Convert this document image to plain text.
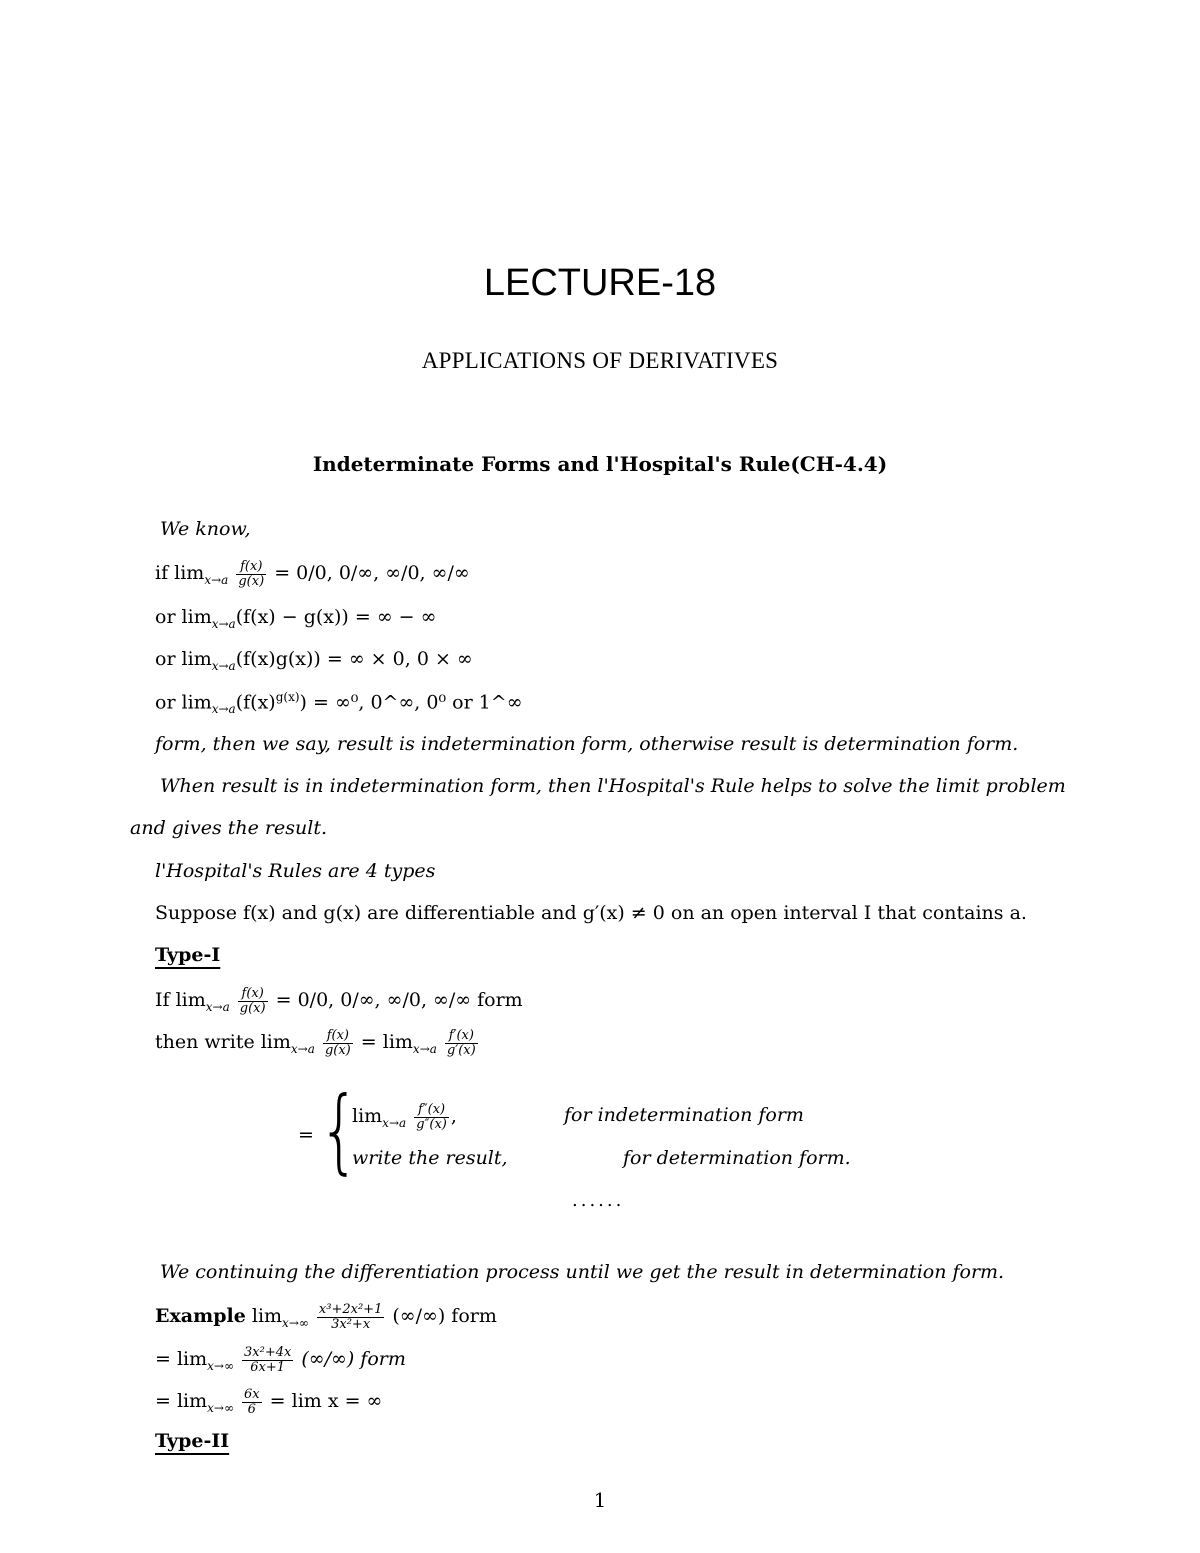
LECTURE-18
APPLICATIONS OF DERIVATIVES
Indeterminate Forms and l'Hospital's Rule(CH-4.4)
We know,
if $\lim_{x\to a} \frac{f(x)}{g(x)} = 0/0$, 0/∞, ∞/0, ∞/∞
or $\lim_{x\to a}(f(x) - g(x))$ = ∞ − ∞
or $\lim_{x\to a}(f(x)g(x))$ = ∞ × 0, 0 × ∞
or $\lim_{x\to a}(f(x)^{g(x)}) = \infty^0$, 0^∞, 0⁰ or 1^∞
form, then we say, result is indetermination form, otherwise result is determination form.
When result is in indetermination form, then l'Hospital's Rule helps to solve the limit problem
and gives the result.
l'Hospital's Rules are 4 types
Suppose f(x) and g(x) are differentiable and g′(x) ≠ 0 on an open interval I that contains a.
Type-I
If $\lim_{x\to a} \frac{f(x)}{g(x)} = 0/0$, 0/∞, ∞/0, ∞/∞ form
then write $\lim_{x\to a} \frac{f(x)}{g(x)} = \lim_{x\to a} \frac{f'(x)}{g'(x)}$
= {
$\lim_{x\to a} \frac{f''(x)}{g''(x)}$ ,	for indetermination form
write the result,	for determination form.
......
We continuing the differentiation process until we get the result in determination form.
Example $\lim_{x\to\infty} \frac{\text{x³+2x²+1}}{\text{3x²+x}}$ (∞/∞) form
= $\lim_{x\to\infty} \frac{\text{3x²+4x}}{6x+1}$ (∞/∞) form
= $\lim_{x\to\infty} \frac{6x}{6} = \lim x$ = ∞
Type-II
1
